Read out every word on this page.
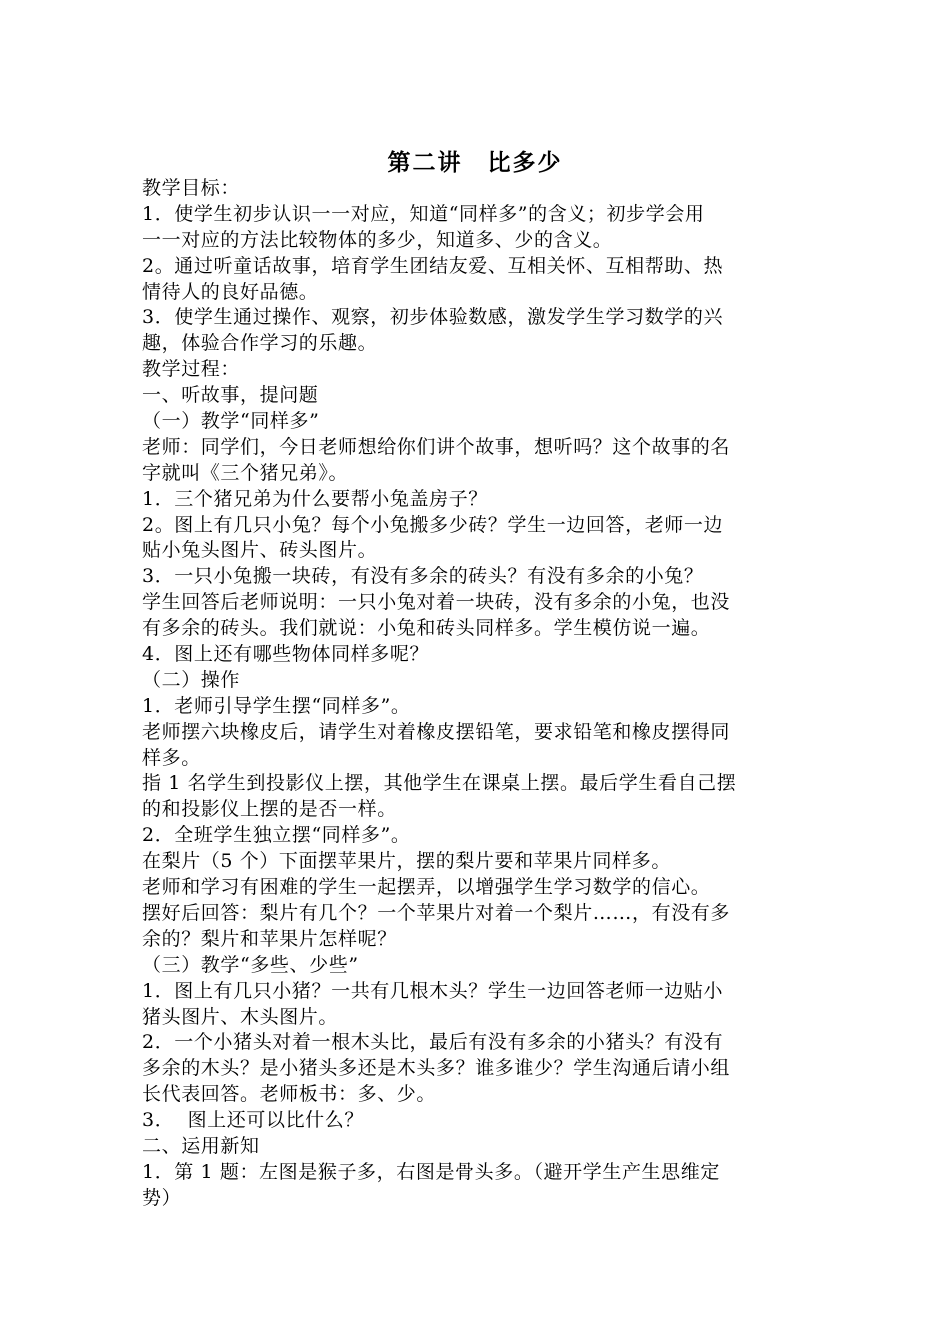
第二讲　比多少
教学目标：
1．使学生初步认识一一对应，知道“同样多”的含义；初步学会用
一一对应的方法比较物体的多少，知道多、少的含义。
2。通过听童话故事，培育学生团结友爱、互相关怀、互相帮助、热
情待人的良好品德。
3．使学生通过操作、观察，初步体验数感，激发学生学习数学的兴
趣，体验合作学习的乐趣。
教学过程：
一、听故事，提问题
（一）教学“同样多”
老师：同学们，今日老师想给你们讲个故事，想听吗？这个故事的名
字就叫《三个猪兄弟》。
1．三个猪兄弟为什么要帮小兔盖房子？
2。图上有几只小兔？每个小兔搬多少砖？学生一边回答，老师一边
贴小兔头图片、砖头图片。
3．一只小兔搬一块砖，有没有多余的砖头？有没有多余的小兔？
学生回答后老师说明：一只小兔对着一块砖，没有多余的小兔，也没
有多余的砖头。我们就说：小兔和砖头同样多。学生模仿说一遍。
4．图上还有哪些物体同样多呢？
（二）操作
1．老师引导学生摆“同样多”。
老师摆六块橡皮后，请学生对着橡皮摆铅笔，要求铅笔和橡皮摆得同
样多。
指 1 名学生到投影仪上摆，其他学生在课桌上摆。最后学生看自己摆
的和投影仪上摆的是否一样。
2．全班学生独立摆“同样多”。
在梨片（5 个）下面摆苹果片，摆的梨片要和苹果片同样多。
老师和学习有困难的学生一起摆弄，以增强学生学习数学的信心。
摆好后回答：梨片有几个？一个苹果片对着一个梨片……，有没有多
余的？梨片和苹果片怎样呢？
（三）教学“多些、少些”
1．图上有几只小猪？一共有几根木头？学生一边回答老师一边贴小
猪头图片、木头图片。
2．一个小猪头对着一根木头比，最后有没有多余的小猪头？有没有
多余的木头？是小猪头多还是木头多？谁多谁少？学生沟通后请小组
长代表回答。老师板书：多、少。
3．  图上还可以比什么？
二、运用新知
1．第 1 题：左图是猴子多，右图是骨头多。（避开学生产生思维定
势）
